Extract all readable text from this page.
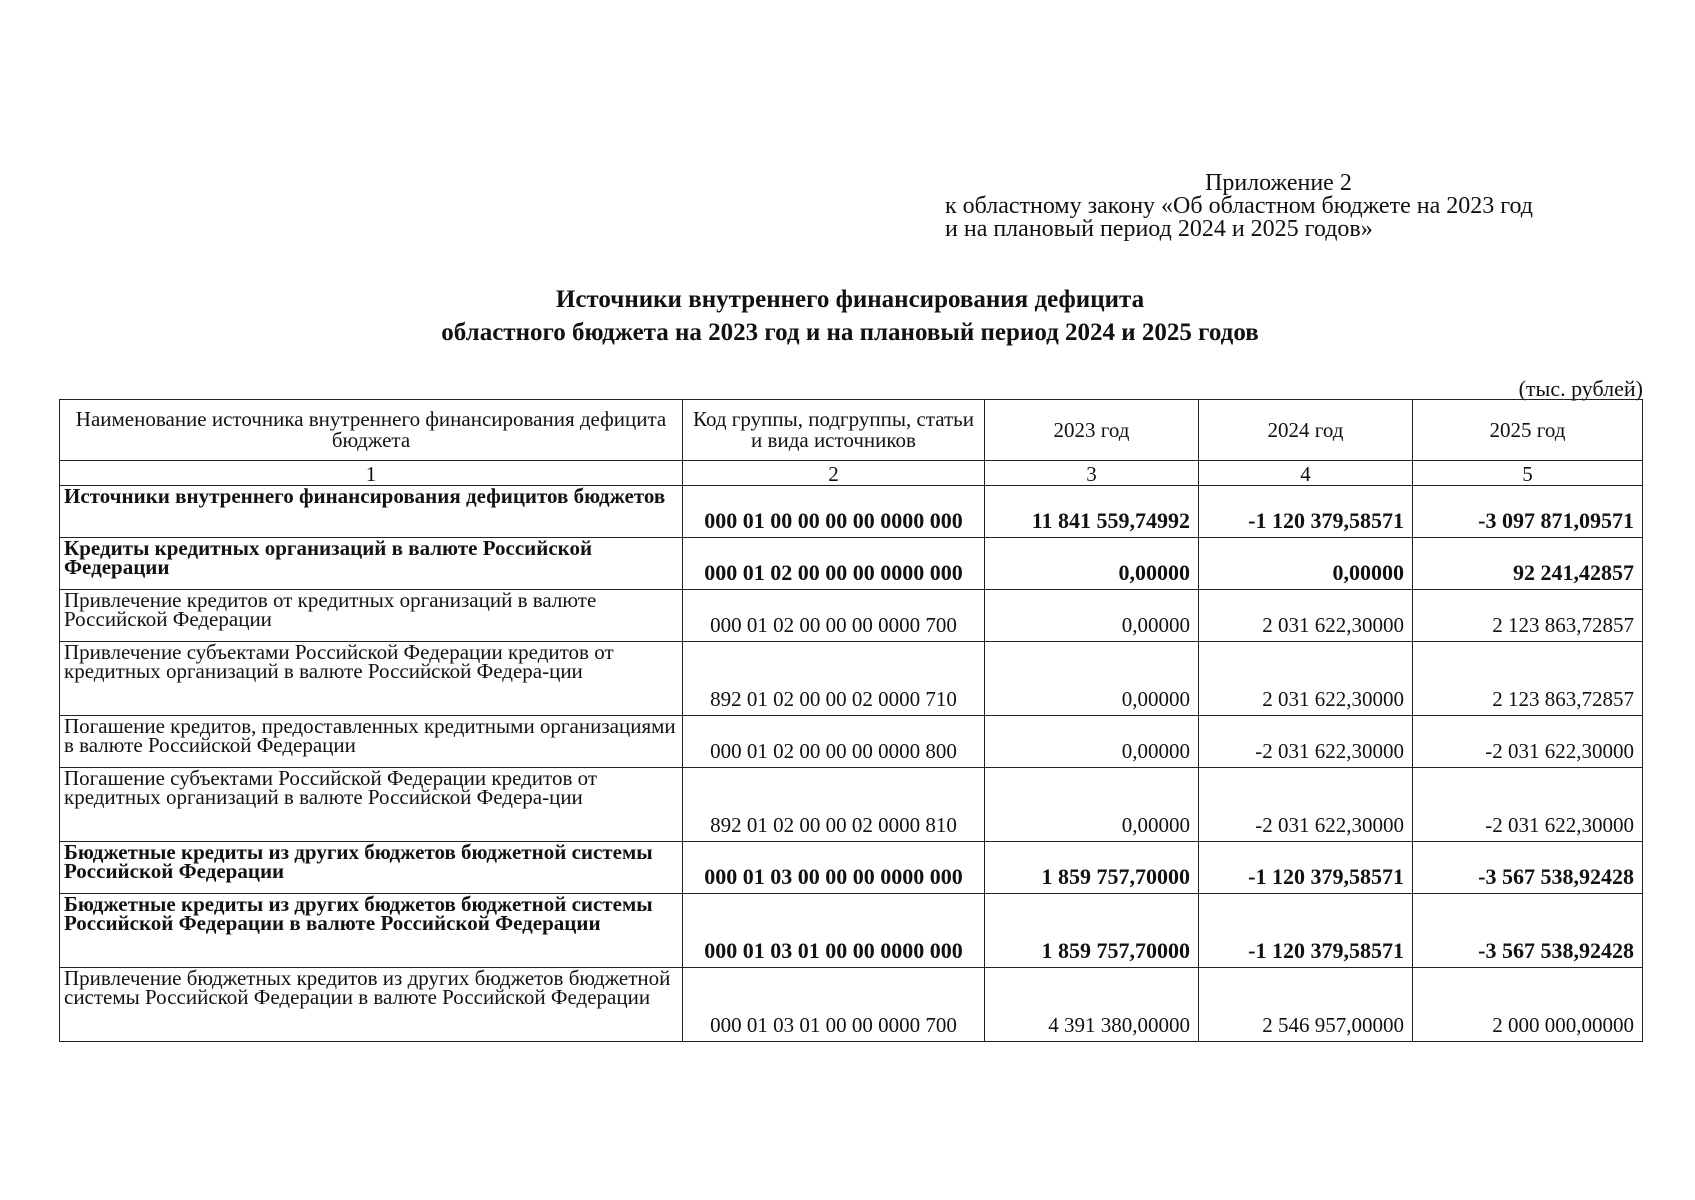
Приложение 2
к областному закону «Об областном бюджете на 2023 год
и на плановый период 2024 и 2025 годов»
Источники внутреннего финансирования дефицита
областного бюджета на 2023 год и на плановый период 2024 и 2025 годов
(тыс. рублей)
Наименование источника внутреннего финансирования дефицита бюджета	Код группы, подгруппы, статьи и вида источников	2023 год	2024 год	2025 год
1	2	3	4	5
Источники внутреннего финансирования дефицитов бюджетов	000 01 00 00 00 00 0000 000	11 841 559,74992	-1 120 379,58571	-3 097 871,09571
Кредиты кредитных организаций в валюте Российской Федерации	000 01 02 00 00 00 0000 000	0,00000	0,00000	92 241,42857
Привлечение кредитов от кредитных организаций в валюте Российской Федерации	000 01 02 00 00 00 0000 700	0,00000	2 031 622,30000	2 123 863,72857
Привлечение субъектами Российской Федерации кредитов от кредитных организаций в валюте Российской Федера-ции	892 01 02 00 00 02 0000 710	0,00000	2 031 622,30000	2 123 863,72857
Погашение кредитов, предоставленных кредитными организациями в валюте Российской Федерации	000 01 02 00 00 00 0000 800	0,00000	-2 031 622,30000	-2 031 622,30000
Погашение субъектами Российской Федерации кредитов от кредитных организаций в валюте Российской Федера-ции	892 01 02 00 00 02 0000 810	0,00000	-2 031 622,30000	-2 031 622,30000
Бюджетные кредиты из других бюджетов бюджетной системы Российской Федерации	000 01 03 00 00 00 0000 000	1 859 757,70000	-1 120 379,58571	-3 567 538,92428
Бюджетные кредиты из других бюджетов бюджетной системы Российской Федерации в валюте Российской Федерации	000 01 03 01 00 00 0000 000	1 859 757,70000	-1 120 379,58571	-3 567 538,92428
Привлечение бюджетных кредитов из других бюджетов бюджетной системы Российской Федерации в валюте Российской Федерации	000 01 03 01 00 00 0000 700	4 391 380,00000	2 546 957,00000	2 000 000,00000
